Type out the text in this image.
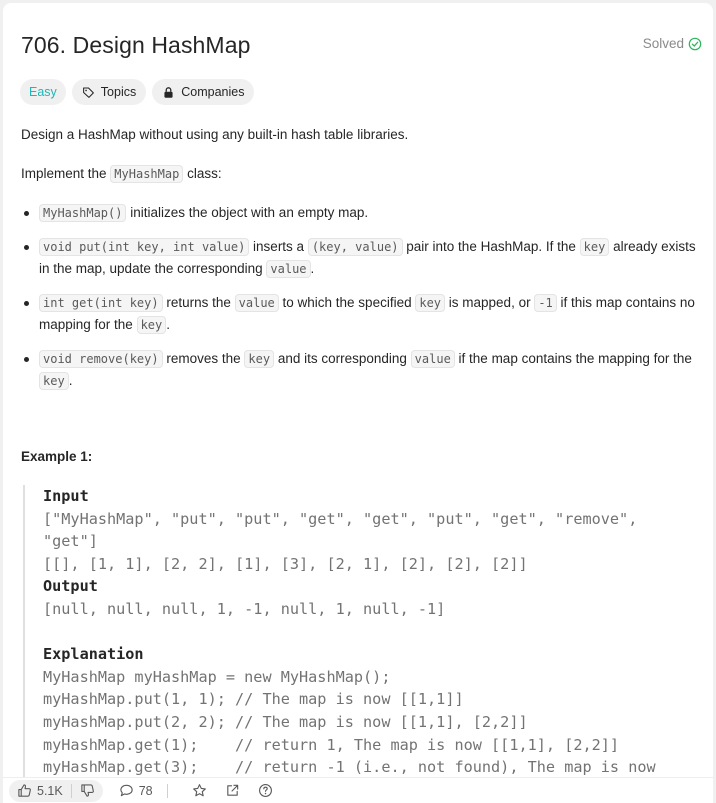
706. Design HashMap	Solved
Easy	Topics	Companies
Design a HashMap without using any built-in hash table libraries.
Implement the MyHashMap class:
MyHashMap() initializes the object with an empty map.
void put(int key, int value) inserts a (key, value) pair into the HashMap. If the key already exists in the map, update the corresponding value .
int get(int key) returns the value to which the specified key is mapped, or -1 if this map contains no mapping for the key .
void remove(key) removes the key and its corresponding value if the map contains the mapping for the key .
Example 1:
Input
["MyHashMap", "put", "put", "get", "get", "put", "get", "remove",
"get"]
[[], [1, 1], [2, 2], [1], [3], [2, 1], [2], [2], [2]]
Output
[null, null, null, 1, -1, null, 1, null, -1]

Explanation
MyHashMap myHashMap = new MyHashMap();
myHashMap.put(1, 1); // The map is now [[1,1]]
myHashMap.put(2, 2); // The map is now [[1,1], [2,2]]
myHashMap.get(1);    // return 1, The map is now [[1,1], [2,2]]
myHashMap.get(3);    // return -1 (i.e., not found), The map is now
5.1K	78
